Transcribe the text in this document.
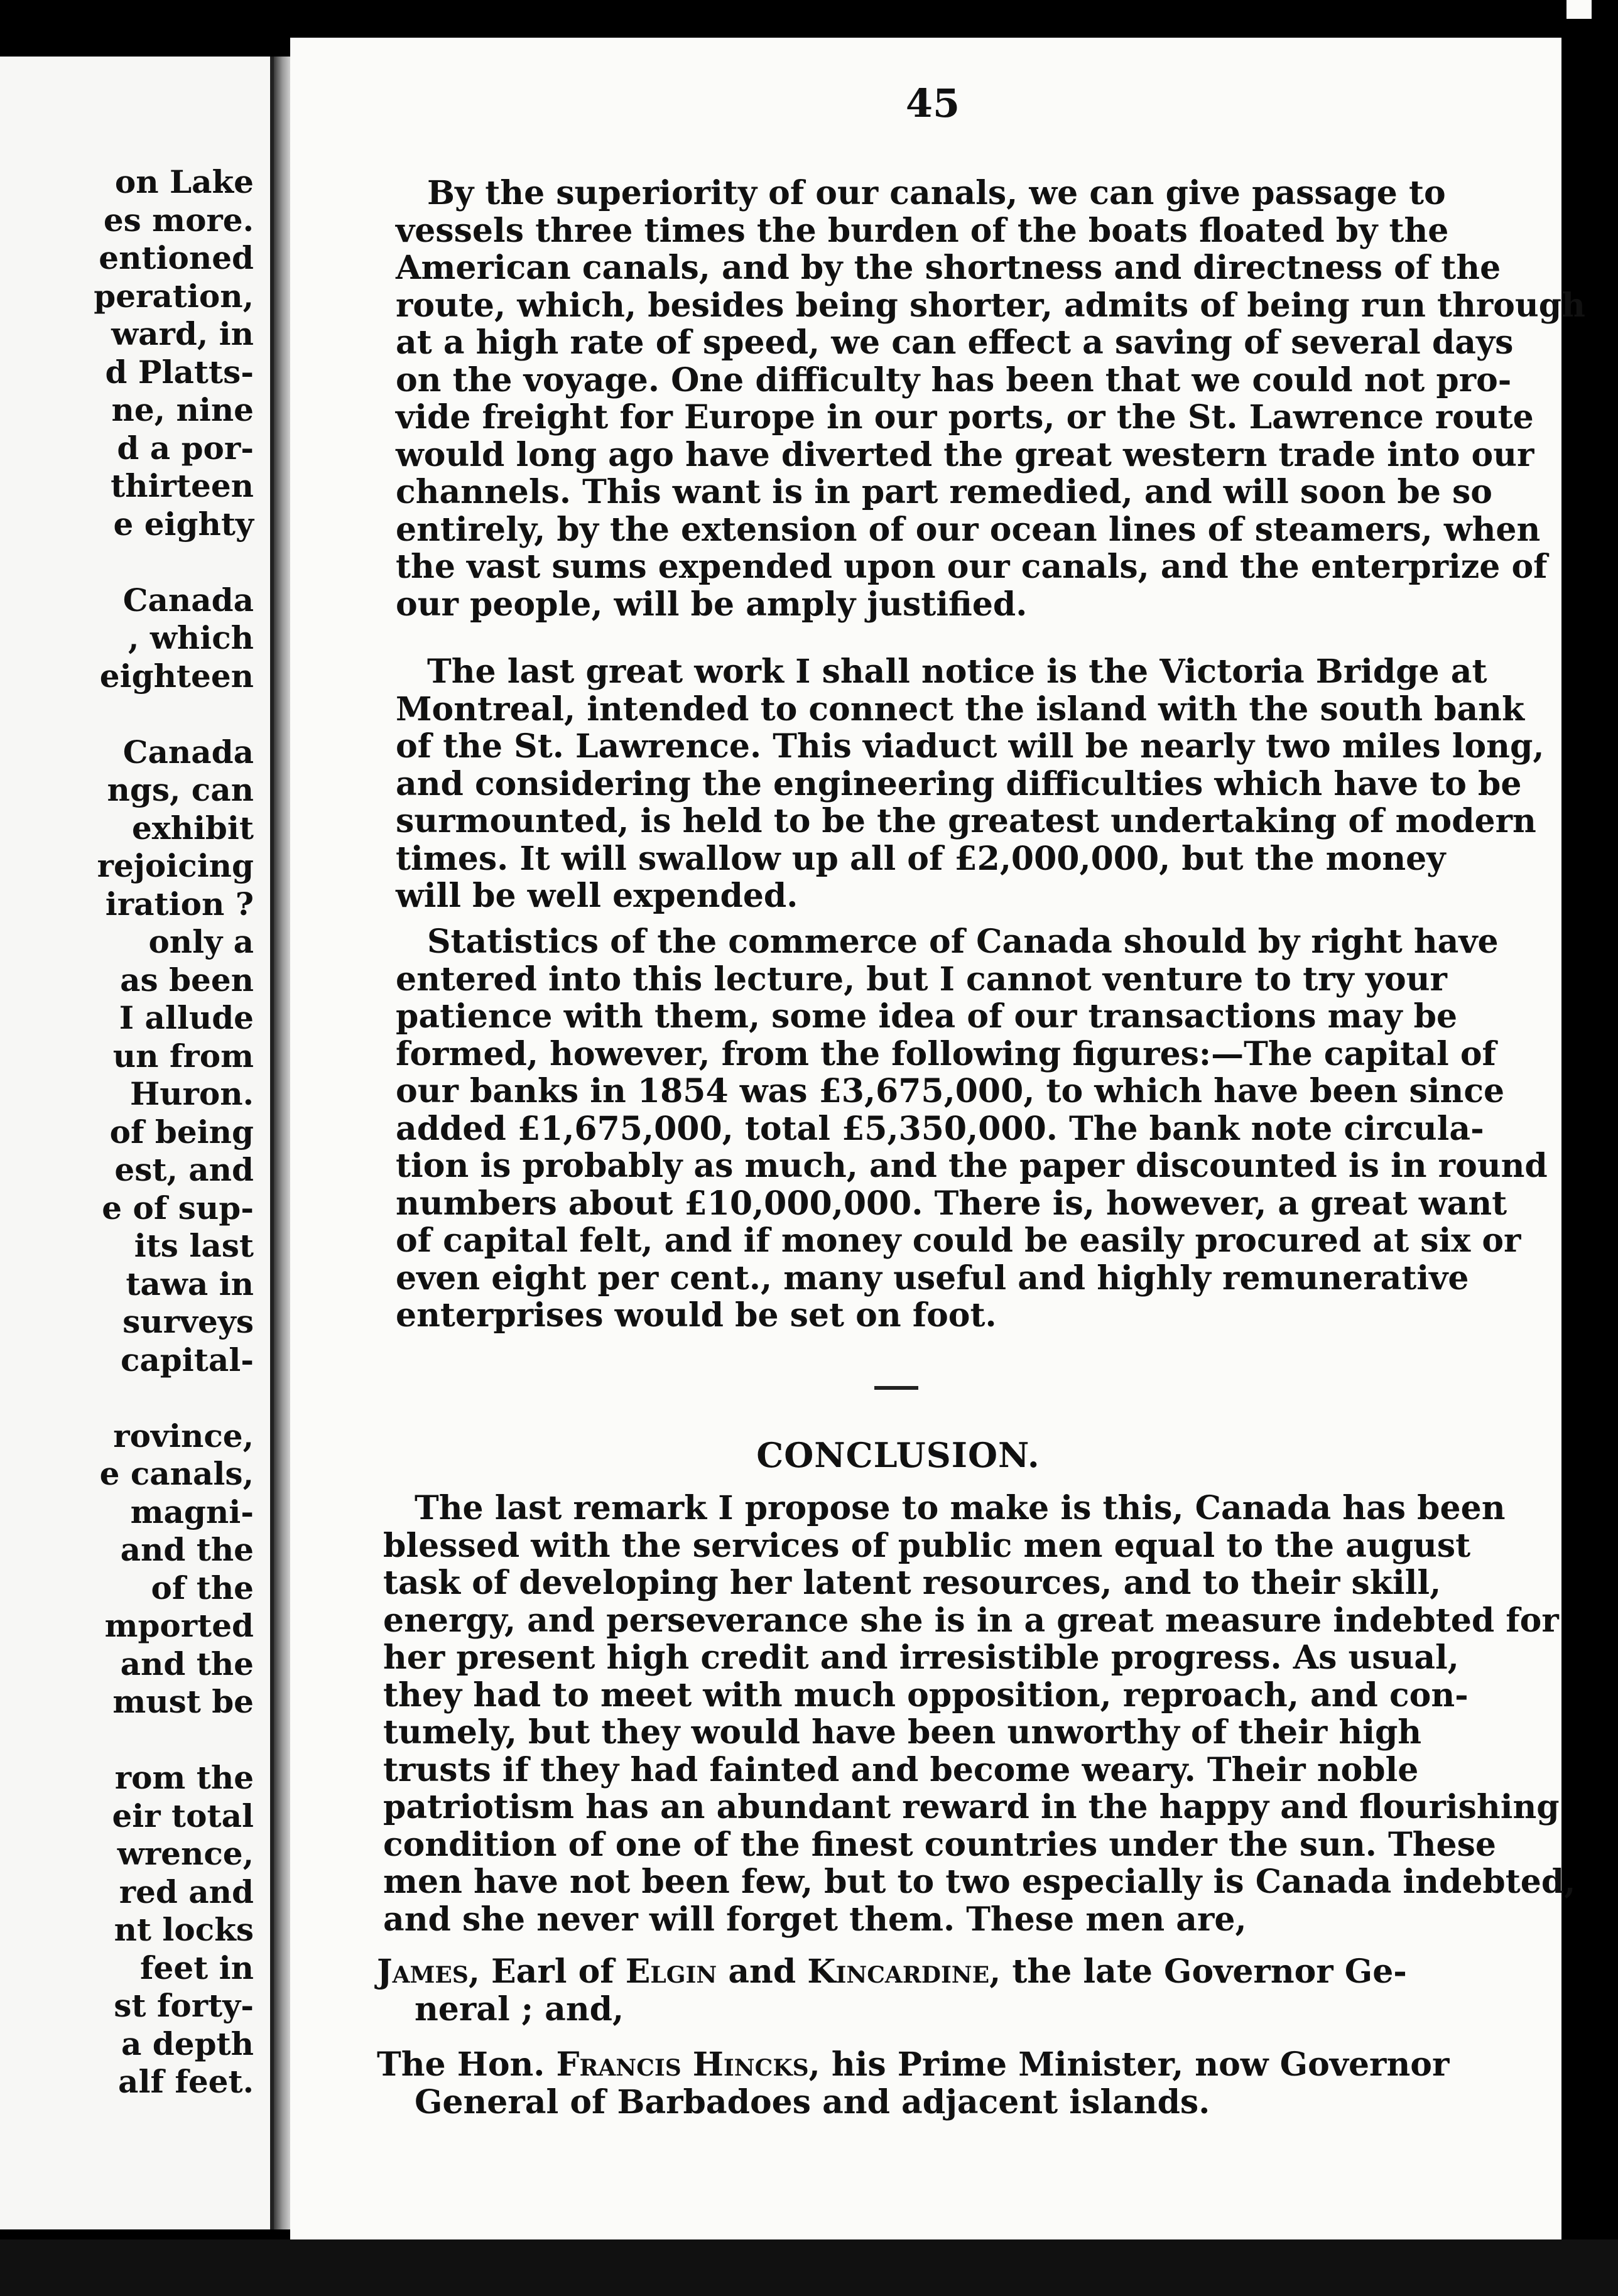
on Lake
es more.
entioned
peration,
ward, in
d Platts-
ne, nine
d a por-
thirteen
e eighty
Canada
, which
eighteen
Canada
ngs, can
exhibit
rejoicing
iration ?
only a
as been
I allude
un from
Huron.
of being
est, and
e of sup-
its last
tawa in
surveys
capital-
rovince,
e canals,
magni-
and the
of the
mported
and the
must be
rom the
eir total
wrence,
red and
nt locks
feet in
st forty-
a depth
alf feet.
45
By the superiority of our canals, we can give passage to
vessels three times the burden of the boats floated by the
American canals, and by the shortness and directness of the
route, which, besides being shorter, admits of being run through
at a high rate of speed, we can effect a saving of several days
on the voyage. One difficulty has been that we could not pro-
vide freight for Europe in our ports, or the St. Lawrence route
would long ago have diverted the great western trade into our
channels. This want is in part remedied, and will soon be so
entirely, by the extension of our ocean lines of steamers, when
the vast sums expended upon our canals, and the enterprize of
our people, will be amply justified.
The last great work I shall notice is the Victoria Bridge at
Montreal, intended to connect the island with the south bank
of the St. Lawrence. This viaduct will be nearly two miles long,
and considering the engineering difficulties which have to be
surmounted, is held to be the greatest undertaking of modern
times. It will swallow up all of £2,000,000, but the money
will be well expended.
Statistics of the commerce of Canada should by right have
entered into this lecture, but I cannot venture to try your
patience with them, some idea of our transactions may be
formed, however, from the following figures:—The capital of
our banks in 1854 was £3,675,000, to which have been since
added £1,675,000, total £5,350,000. The bank note circula-
tion is probably as much, and the paper discounted is in round
numbers about £10,000,000. There is, however, a great want
of capital felt, and if money could be easily procured at six or
even eight per cent., many useful and highly remunerative
enterprises would be set on foot.
CONCLUSION.
The last remark I propose to make is this, Canada has been
blessed with the services of public men equal to the august
task of developing her latent resources, and to their skill,
energy, and perseverance she is in a great measure indebted for
her present high credit and irresistible progress. As usual,
they had to meet with much opposition, reproach, and con-
tumely, but they would have been unworthy of their high
trusts if they had fainted and become weary. Their noble
patriotism has an abundant reward in the happy and flourishing
condition of one of the finest countries under the sun. These
men have not been few, but to two especially is Canada indebted,
and she never will forget them. These men are,
James, Earl of Elgin and Kincardine, the late Governor Ge-
neral ; and,
The Hon. Francis Hincks, his Prime Minister, now Governor
General of Barbadoes and adjacent islands.
